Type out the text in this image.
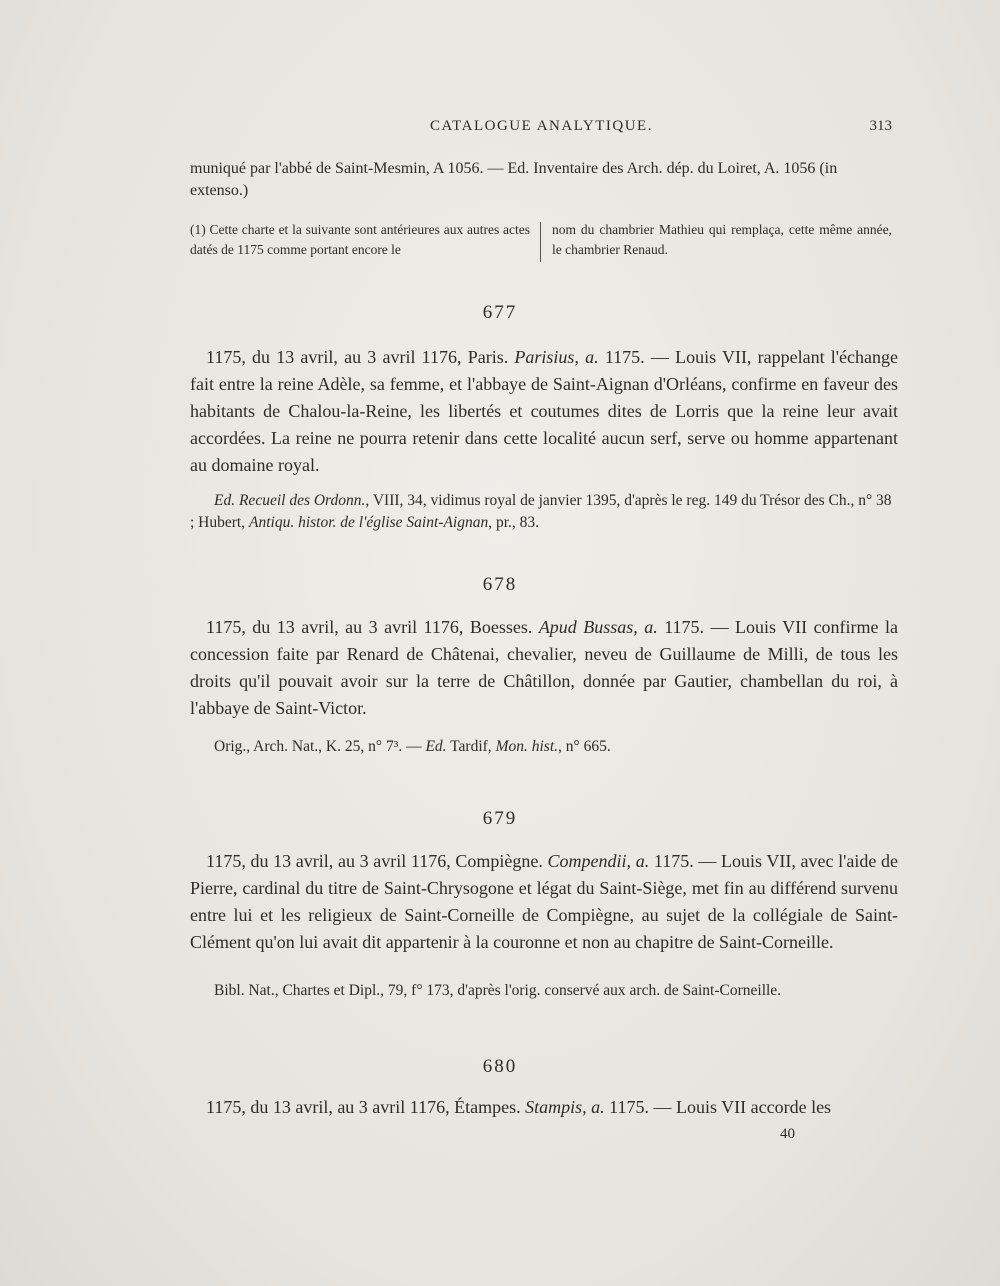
CATALOGUE ANALYTIQUE.	313
muniqué par l'abbé de Saint-Mesmin, A 1056. — Ed. Inventaire des Arch. dép. du Loiret, A. 1056 (in extenso.)
(1) Cette charte et la suivante sont antérieures aux autres actes datés de 1175 comme portant encore le
nom du chambrier Mathieu qui remplaça, cette même année, le chambrier Renaud.
677
1175, du 13 avril, au 3 avril 1176, Paris. Parisius, a. 1175. — Louis VII, rappelant l'échange fait entre la reine Adèle, sa femme, et l'abbaye de Saint-Aignan d'Orléans, confirme en faveur des habitants de Chalou-la-Reine, les libertés et coutumes dites de Lorris que la reine leur avait accordées. La reine ne pourra retenir dans cette localité aucun serf, serve ou homme appartenant au domaine royal.
Ed. Recueil des Ordonn., VIII, 34, vidimus royal de janvier 1395, d'après le reg. 149 du Trésor des Ch., n° 38 ; Hubert, Antiqu. histor. de l'église Saint-Aignan, pr., 83.
678
1175, du 13 avril, au 3 avril 1176, Boesses. Apud Bussas, a. 1175. — Louis VII confirme la concession faite par Renard de Châtenai, chevalier, neveu de Guillaume de Milli, de tous les droits qu'il pouvait avoir sur la terre de Châtillon, donnée par Gautier, chambellan du roi, à l'abbaye de Saint-Victor.
Orig., Arch. Nat., K. 25, n° 7³. — Ed. Tardif, Mon. hist., n° 665.
679
1175, du 13 avril, au 3 avril 1176, Compiègne. Compendii, a. 1175. — Louis VII, avec l'aide de Pierre, cardinal du titre de Saint-Chrysogone et légat du Saint-Siège, met fin au différend survenu entre lui et les religieux de Saint-Corneille de Compiègne, au sujet de la collégiale de Saint-Clément qu'on lui avait dit appartenir à la couronne et non au chapitre de Saint-Corneille.
Bibl. Nat., Chartes et Dipl., 79, f° 173, d'après l'orig. conservé aux arch. de Saint-Corneille.
680
1175, du 13 avril, au 3 avril 1176, Étampes. Stampis, a. 1175. — Louis VII accorde les
40
